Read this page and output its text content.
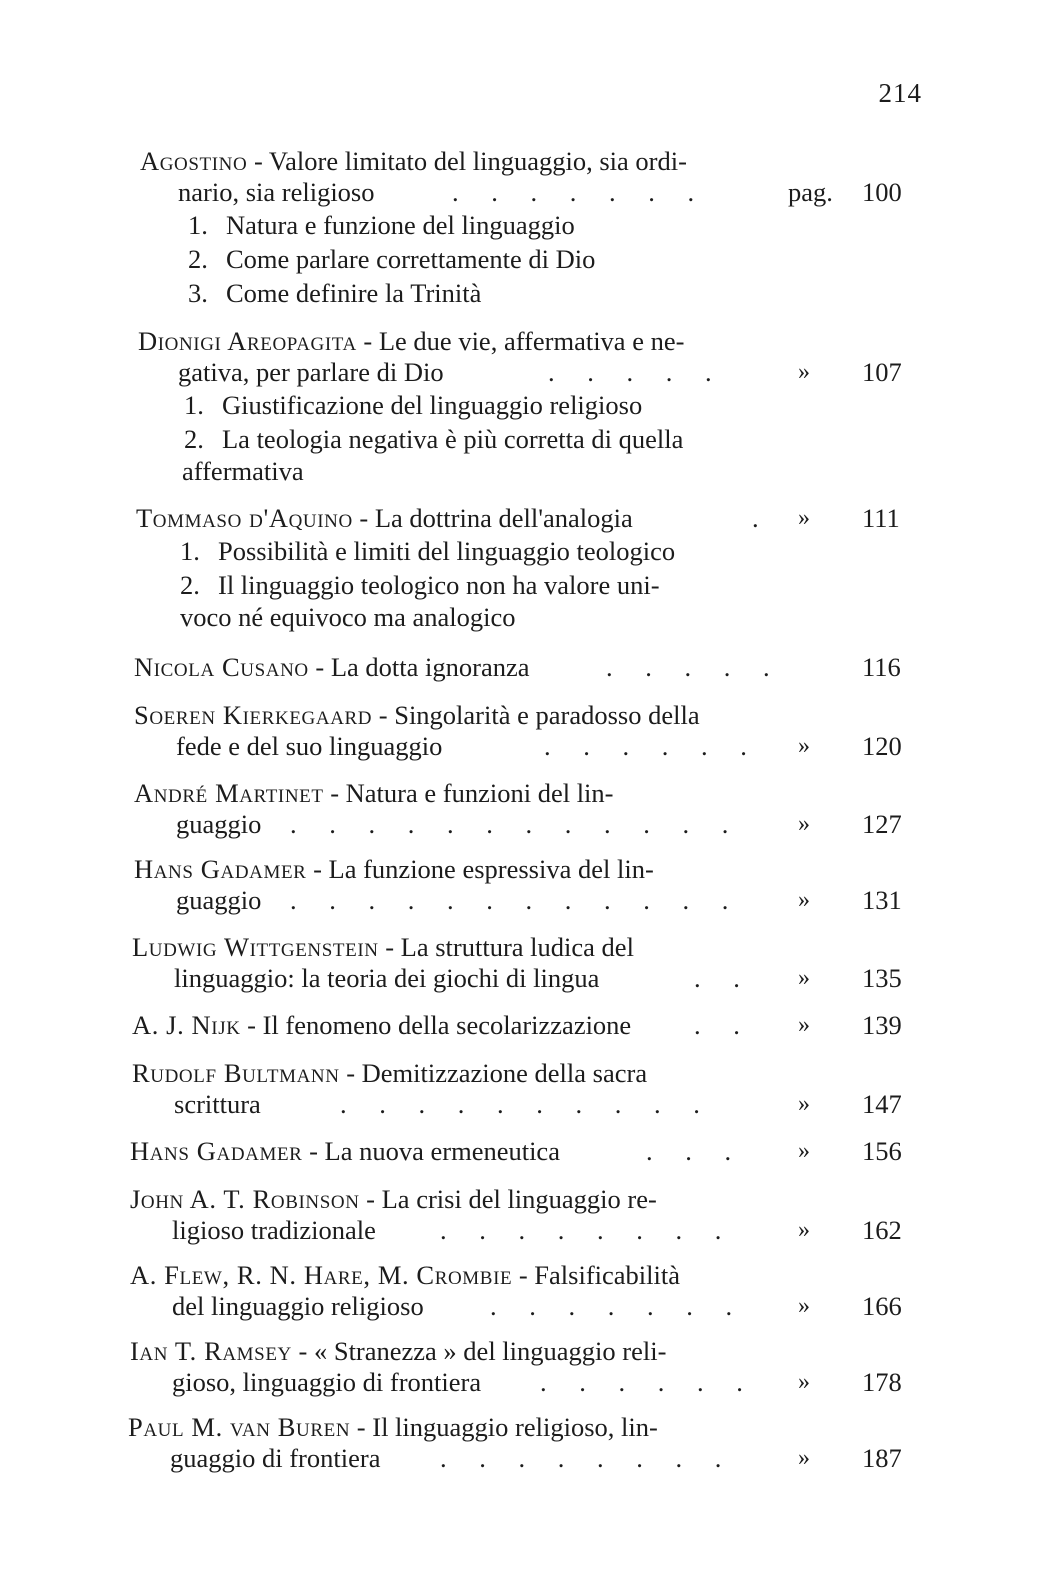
214
Agostino - Valore limitato del linguaggio, sia ordi-
nario, sia religioso	. . . . . . .	pag. 100
1. Natura e funzione del linguaggio
2. Come parlare correttamente di Dio
3. Come definire la Trinità
Dionigi Areopagita - Le due vie, affermativa e ne-
gativa, per parlare di Dio	. . . . .	» 107
1. Giustificazione del linguaggio religioso
2. La teologia negativa è più corretta di quella
affermativa
Tommaso d'Aquino - La dottrina dell'analogia	. » 111
1. Possibilità e limiti del linguaggio teologico
2. Il linguaggio teologico non ha valore uni-
voco né equivoco ma analogico
Nicola Cusano - La dotta ignoranza	. . . . .	116
Soeren Kierkegaard - Singolarità e paradosso della
fede e del suo linguaggio	. . . . . . » 120
André Martinet - Natura e funzioni del lin-
guaggio . . . . . . . . . . . . » 127
Hans Gadamer - La funzione espressiva del lin-
guaggio . . . . . . . . . . . . » 131
Ludwig Wittgenstein - La struttura ludica del
linguaggio: la teoria dei giochi di lingua	. . » 135
A. J. Nijk - Il fenomeno della secolarizzazione . . » 139
Rudolf Bultmann - Demitizzazione della sacra
scrittura	. . . . . . . . . .	» 147
Hans Gadamer - La nuova ermeneutica	. . . » 156
John A. T. Robinson - La crisi del linguaggio re-
ligioso tradizionale . . . . . . . .	» 162
A. Flew, R. N. Hare, M. Crombie - Falsificabilità
del linguaggio religioso	. . . . . . . » 166
Ian T. Ramsey - « Stranezza » del linguaggio reli-
gioso, linguaggio di frontiera . . . . . . » 178
Paul M. van Buren - Il linguaggio religioso, lin-
guaggio di frontiera . . . . . . . .	» 187
